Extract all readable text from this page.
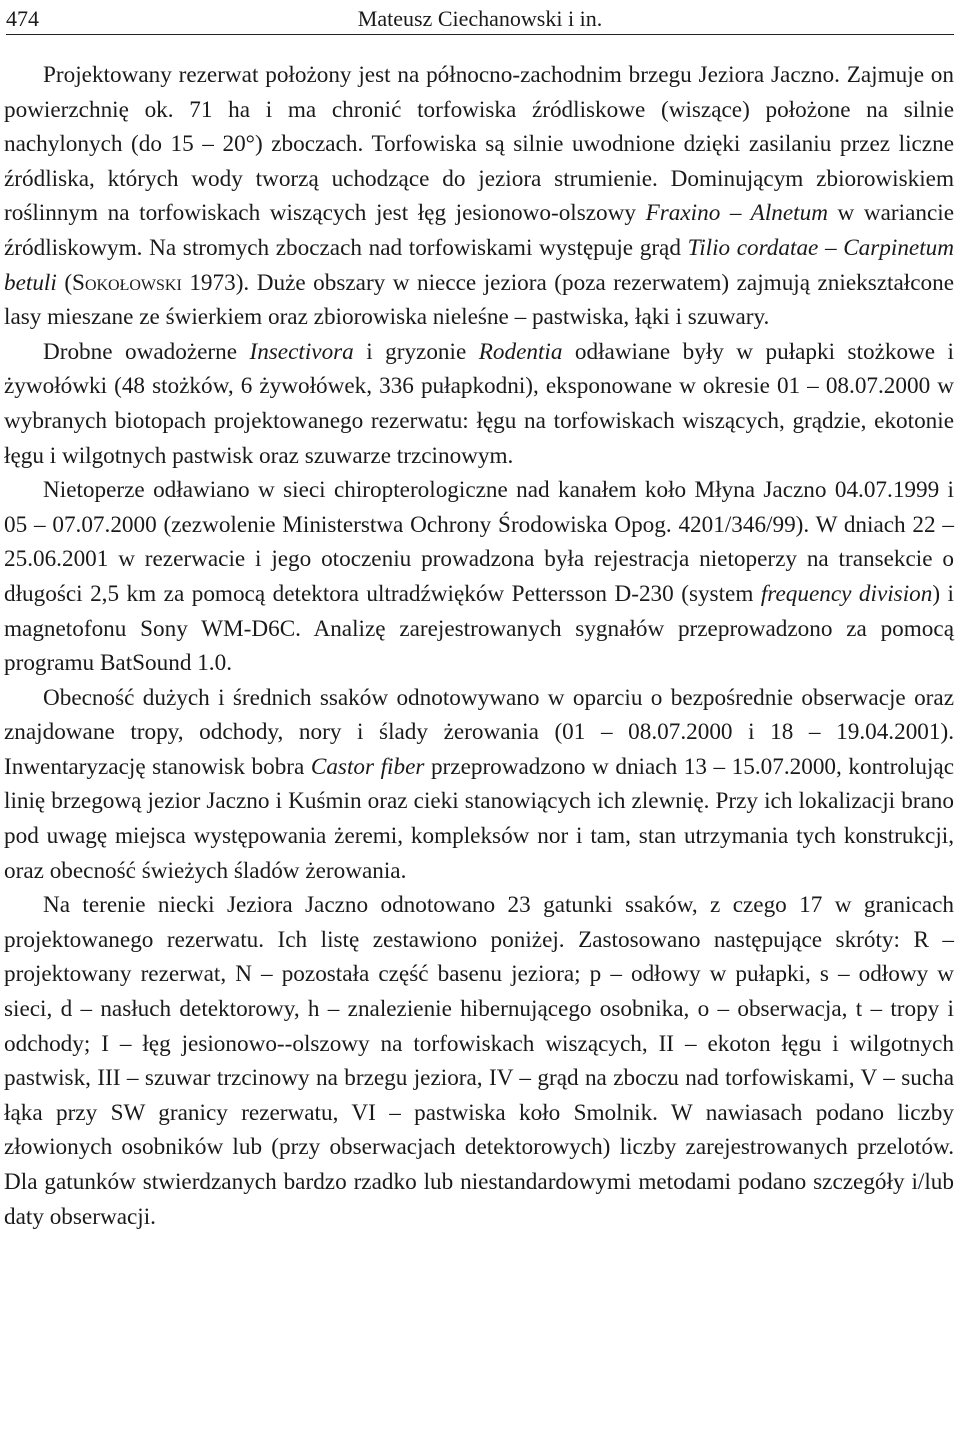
474	Mateusz Ciechanowski i in.

Projektowany rezerwat położony jest na północno-zachodnim brzegu Jeziora Jaczno. Zajmuje on powierzchnię ok. 71 ha i ma chronić torfowiska źródliskowe (wiszące) położone na silnie nachylonych (do 15 – 20°) zboczach. Torfowiska są silnie uwodnione dzięki zasilaniu przez liczne źródliska, których wody tworzą uchodzące do jeziora strumienie. Dominującym zbiorowiskiem roślinnym na torfowiskach wiszących jest łęg jesionowo-olszowy Fraxino – Alnetum w wariancie źródliskowym. Na stromych zboczach nad torfowiskami występuje grąd Tilio cordatae – Carpinetum betuli (Sokołowski 1973). Duże obszary w niecce jeziora (poza rezerwatem) zajmują zniekształcone lasy mieszane ze świerkiem oraz zbiorowiska nieleśne – pastwiska, łąki i szuwary.

Drobne owadożerne Insectivora i gryzonie Rodentia odławiane były w pułapki stożkowe i żywołówki (48 stożków, 6 żywołówek, 336 pułapkodni), eksponowane w okresie 01 – 08.07.2000 w wybranych biotopach projektowanego rezerwatu: łęgu na torfowiskach wiszących, grądzie, ekotonie łęgu i wilgotnych pastwisk oraz szuwarze trzcinowym.

Nietoperze odławiano w sieci chiropterologiczne nad kanałem koło Młyna Jaczno 04.07.1999 i 05 – 07.07.2000 (zezwolenie Ministerstwa Ochrony Środowiska Opog. 4201/346/99). W dniach 22 – 25.06.2001 w rezerwacie i jego otoczeniu prowadzona była rejestracja nietoperzy na transekcie o długości 2,5 km za pomocą detektora ultradźwięków Pettersson D-230 (system frequency division) i magnetofonu Sony WM-D6C. Analizę zarejestrowanych sygnałów przeprowadzono za pomocą programu BatSound 1.0.

Obecność dużych i średnich ssaków odnotowywano w oparciu o bezpośrednie obserwacje oraz znajdowane tropy, odchody, nory i ślady żerowania (01 – 08.07.2000 i 18 – 19.04.2001). Inwentaryzację stanowisk bobra Castor fiber przeprowadzono w dniach 13 – 15.07.2000, kontrolując linię brzegową jezior Jaczno i Kuśmin oraz cieki stanowiących ich zlewnię. Przy ich lokalizacji brano pod uwagę miejsca występowania żeremi, kompleksów nor i tam, stan utrzymania tych konstrukcji, oraz obecność świeżych śladów żerowania.

Na terenie niecki Jeziora Jaczno odnotowano 23 gatunki ssaków, z czego 17 w granicach projektowanego rezerwatu. Ich listę zestawiono poniżej. Zastosowano następujące skróty: R – projektowany rezerwat, N – pozostała część basenu jeziora; p – odłowy w pułapki, s – odłowy w sieci, d – nasłuch detektorowy, h – znalezienie hibernującego osobnika, o – obserwacja, t – tropy i odchody; I – łęg jesionowo--olszowy na torfowiskach wiszących, II – ekoton łęgu i wilgotnych pastwisk, III – szuwar trzcinowy na brzegu jeziora, IV – grąd na zboczu nad torfowiskami, V – sucha łąka przy SW granicy rezerwatu, VI – pastwiska koło Smolnik. W nawiasach podano liczby złowionych osobników lub (przy obserwacjach detektorowych) liczby zarejestrowanych przelotów. Dla gatunków stwierdzanych bardzo rzadko lub niestandardowymi metodami podano szczegóły i/lub daty obserwacji.
